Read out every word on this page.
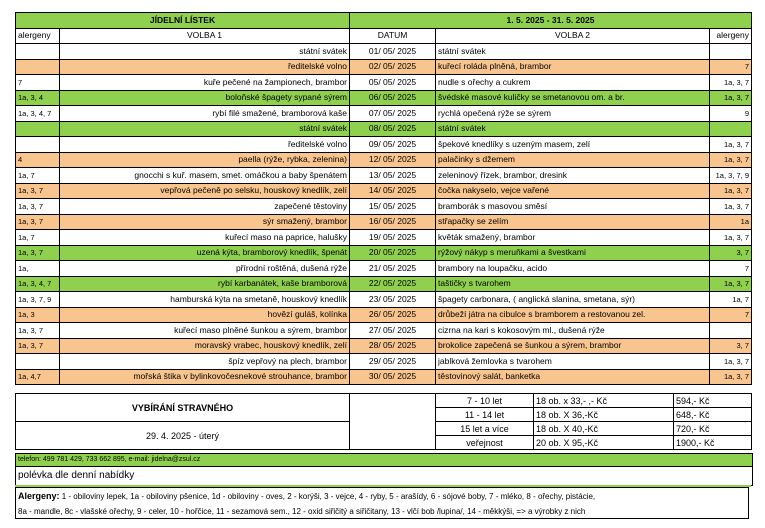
JÍDELNÍ LÍSTEK		1. 5. 2025 - 31. 5. 2025		
alergeny	VOLBA 1	DATUM	VOLBA 2	alergeny
	státní svátek	01/ 05/ 2025	státní svátek	
	ředitelské volno	02/ 05/ 2025	kuřecí roláda plněná, brambor	7
7	kuře pečené na žampionech, brambor	05/ 05/ 2025	nudle s ořechy a cukrem	1a, 3, 7
1a, 3, 4	boloňské špagety sypané sýrem	06/ 05/ 2025	švédské masové kuličky se smetanovou om. a br.	1a, 3, 7
1a, 3, 4, 7	rybí filé smažené, bramborová kaše	07/ 05/ 2025	rychlá opečená rýže se sýrem	9
	státní svátek	08/ 05/ 2025	státní svátek	
	ředitelské volno	09/ 05/ 2025	špekové knedlíky s uzeným masem, zelí	1a, 3, 7
4	paella (rýže, rybka, zelenina)	12/ 05/ 2025	palačinky s džemem	1a, 3, 7
1a, 7	gnocchi s kuř. masem, smet. omáčkou a baby špenátem	13/ 05/ 2025	zeleninový řízek, brambor, dresink	1a, 3, 7, 9
1a, 3, 7	vepřová pečeně po selsku, houskový knedlík, zelí	14/ 05/ 2025	čočka nakyselo, vejce vařené	1a, 3, 7
1a, 3, 7	zapečené těstoviny	15/ 05/ 2025	bramborák s masovou směsí	1a, 3, 7
1a, 3, 7	sýr smažený, brambor	16/ 05/ 2025	střapačky se zelím	1a
1a, 7	kuřecí maso na paprice, halušky	19/ 05/ 2025	květák smažený, brambor	1a, 3, 7
1a, 3, 7	uzená kýta, bramborový knedlík, špenát	20/ 05/ 2025	rýžový nákyp s meruňkami a švestkami	3, 7
1a,	přírodní roštěná, dušená rýže	21/ 05/ 2025	brambory na loupačku, acido	7
1a, 3, 4, 7	rybí karbanátek, kaše bramborová	22/ 05/ 2025	taštičky s tvarohem	1a, 3, 7
1a, 3, 7, 9	hamburská kýta na smetaně, houskový knedlík	23/ 05/ 2025	špagety carbonara, ( anglická slanina, smetana, sýr)	1a, 7
1a, 3	hovězí guláš, kolínka	26/ 05/ 2025	drůbeží játra na cibulce s bramborem a restovanou zel.	7
1a, 3, 7	kuřecí maso plněné šunkou a sýrem, brambor	27/ 05/ 2025	cizrna na kari s kokosovým ml., dušená rýže	
1a, 3, 7	moravský vrabec, houskový knedlík, zelí	28/ 05/ 2025	brokolice zapečená se šunkou a sýrem, brambor	3, 7
	špíz vepřový na plech, brambor	29/ 05/ 2025	jablková žemlovka s tvarohem	1a, 3, 7
1a, 4,7	mořská štika v bylinkovočesnekové strouhance, brambor	30/ 05/ 2025	těstovinový salát, banketka	1a, 3, 7
VYBÍRÁNÍ STRAVNÉHO		7 - 10 let	18 ob. x 33,- ,- Kč	594,- Kč
		11 - 14 let	18 ob. X 36,-Kč	648,- Kč
29. 4. 2025 - úterý		15 let a více	18 ob. X 40,-Kč	720,- Kč
		veřejnost	20 ob. X 95,-Kč	1900,- Kč
telefon: 499 781 429, 733 662 895, e-mail: jidelna@zsul.cz
polévka dle denní nabídky
Alergeny: 1 - obiloviny lepek, 1a - obiloviny pšenice, 1d - obiloviny - oves, 2 - korýši, 3 - vejce, 4 - ryby, 5 - arašídy, 6 - sójové boby, 7 - mléko, 8 - ořechy, pistácie,
8a - mandle, 8c - vlašské ořechy, 9 - celer, 10 - hořčice, 11 - sezamová sem., 12 - oxid siřičitý a siřičitany, 13 - vlčí bob /lupina/, 14 - měkkýši, => a výrobky z nich
